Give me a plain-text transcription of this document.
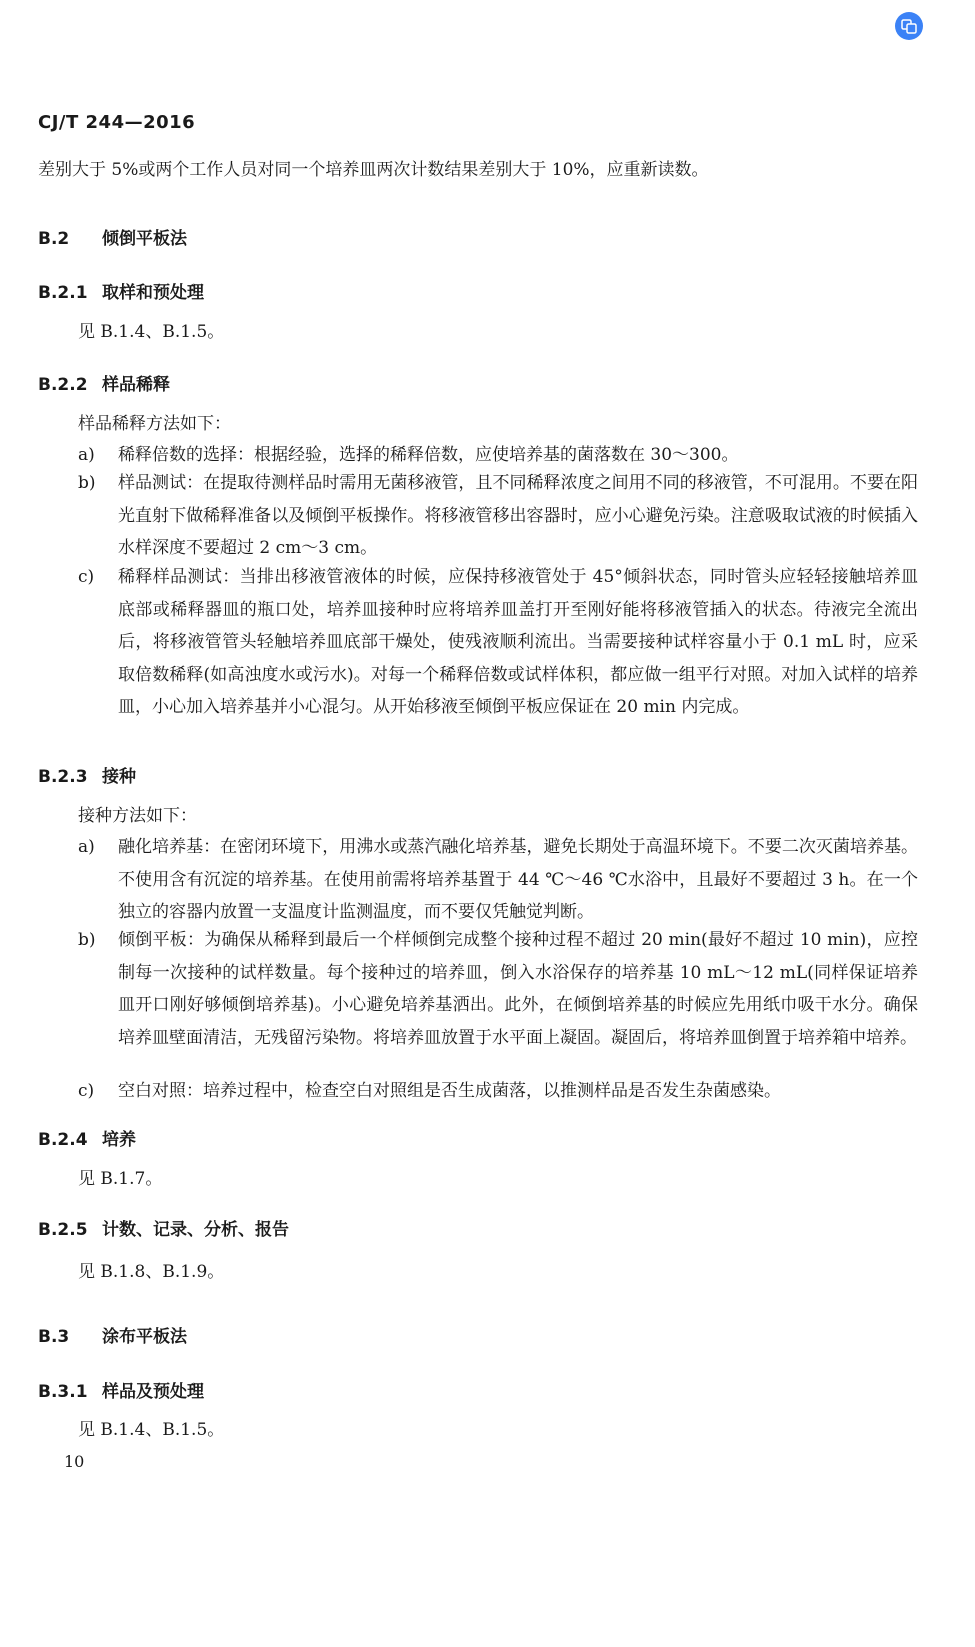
CJ/T 244—2016

差别大于 5%或两个工作人员对同一个培养皿两次计数结果差别大于 10%，应重新读数。

B.2 倾倒平板法
B.2.1 取样和预处理

见 B.1.4、B.1.5。

B.2.2 样品稀释

样品稀释方法如下：

a)	稀释倍数的选择：根据经验，选择的稀释倍数，应使培养基的菌落数在 30～300。
b)	样品测试：在提取待测样品时需用无菌移液管，且不同稀释浓度之间用不同的移液管，不可混用。不要在阳光直射下做稀释准备以及倾倒平板操作。将移液管移出容器时，应小心避免污染。注意吸取试液的时候插入水样深度不要超过 2 cm～3 cm。
c)	稀释样品测试：当排出移液管液体的时候，应保持移液管处于 45°倾斜状态，同时管头应轻轻接触培养皿底部或稀释器皿的瓶口处，培养皿接种时应将培养皿盖打开至刚好能将移液管插入的状态。待液完全流出后，将移液管管头轻触培养皿底部干燥处，使残液顺利流出。当需要接种试样容量小于 0.1 mL 时，应采取倍数稀释(如高浊度水或污水)。对每一个稀释倍数或试样体积，都应做一组平行对照。对加入试样的培养皿，小心加入培养基并小心混匀。从开始移液至倾倒平板应保证在 20 min 内完成。
B.2.3 接种

接种方法如下：

a)	融化培养基：在密闭环境下，用沸水或蒸汽融化培养基，避免长期处于高温环境下。不要二次灭菌培养基。不使用含有沉淀的培养基。在使用前需将培养基置于 44 ℃～46 ℃水浴中，且最好不要超过 3 h。在一个独立的容器内放置一支温度计监测温度，而不要仅凭触觉判断。
b)	倾倒平板：为确保从稀释到最后一个样倾倒完成整个接种过程不超过 20 min(最好不超过 10 min)，应控制每一次接种的试样数量。每个接种过的培养皿，倒入水浴保存的培养基 10 mL～12 mL(同样保证培养皿开口刚好够倾倒培养基)。小心避免培养基洒出。此外，在倾倒培养基的时候应先用纸巾吸干水分。确保培养皿壁面清洁，无残留污染物。将培养皿放置于水平面上凝固。凝固后，将培养皿倒置于培养箱中培养。
c)	空白对照：培养过程中，检查空白对照组是否生成菌落，以推测样品是否发生杂菌感染。
B.2.4 培养

见 B.1.7。

B.2.5 计数、记录、分析、报告

见 B.1.8、B.1.9。

B.3 涂布平板法
B.3.1 样品及预处理

见 B.1.4、B.1.5。

10
